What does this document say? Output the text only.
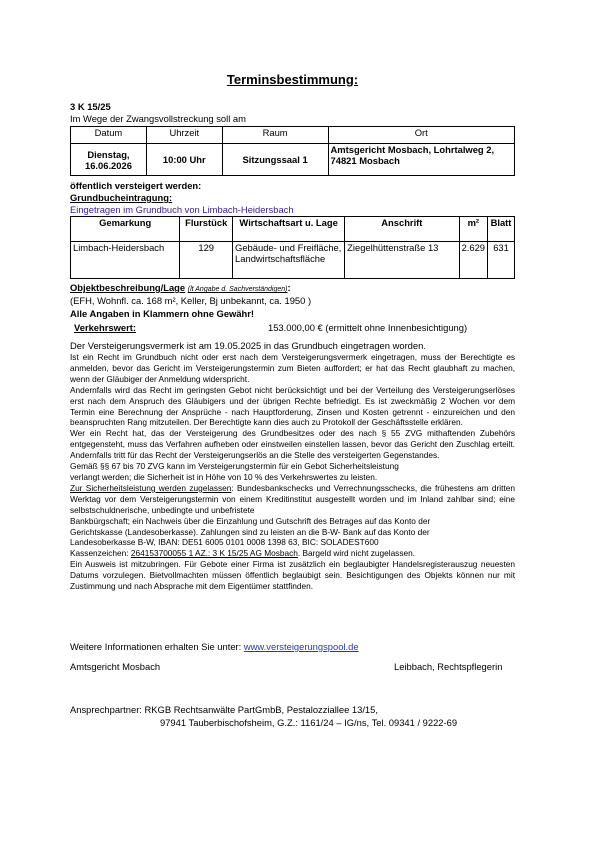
Terminsbestimmung:
3 K 15/25
Im Wege der Zwangsvollstreckung soll am
Datum	Uhrzeit	Raum	Ort
Dienstag, 16.06.2026	10:00 Uhr	Sitzungssaal 1	Amtsgericht Mosbach, Lohrtalweg 2, 74821 Mosbach
öffentlich versteigert werden:
Grundbucheintragung:
Eingetragen im Grundbuch von Limbach-Heidersbach
Gemarkung	Flurstück	Wirtschaftsart u. Lage	Anschrift	m²	Blatt
Limbach-Heidersbach	129	Gebäude- und Freifläche, Landwirtschaftsfläche	Ziegelhüttenstraße 13	2.629	631
Objektbeschreibung/Lage (lt Angabe d. Sachverständigen):
(EFH, Wohnfl. ca. 168 m², Keller, Bj unbekannt, ca. 1950 )
Alle Angaben in Klammern ohne Gewähr!
Verkehrswert:	153.000,00 € (ermittelt ohne Innenbesichtigung)
Der Versteigerungsvermerk ist am 19.05.2025 in das Grundbuch eingetragen worden.

Ist ein Recht im Grundbuch nicht oder erst nach dem Versteigerungsvermerk eingetragen, muss der Berechtigte es anmelden, bevor das Gericht im Versteigerungstermin zum Bieten auffordert; er hat das Recht glaubhaft zu machen, wenn der Gläubiger der Anmeldung widerspricht.

Andernfalls wird das Recht im geringsten Gebot nicht berücksichtigt und bei der Verteilung des Versteigerungserlöses erst nach dem Anspruch des Gläubigers und der übrigen Rechte befriedigt. Es ist zweckmäßig 2 Wochen vor dem Termin eine Berechnung der Ansprüche - nach Hauptforderung, Zinsen und Kosten getrennt - einzureichen und den beanspruchten Rang mitzuteilen. Der Berechtigte kann dies auch zu Protokoll der Geschäftsstelle erklären.

Wer ein Recht hat, das der Versteigerung des Grundbesitzes oder des nach § 55 ZVG mithaftenden Zubehörs entgegensteht, muss das Verfahren aufheben oder einstweilen einstellen lassen, bevor das Gericht den Zuschlag erteilt. Andernfalls tritt für das Recht der Versteigerungserlös an die Stelle des versteigerten Gegenstandes.

Gemäß §§ 67 bis 70 ZVG kann im Versteigerungstermin für ein Gebot Sicherheitsleistung

verlangt werden; die Sicherheit ist in Höhe von 10 % des Verkehrswertes zu leisten.

Zur Sicherheitsleistung werden zugelassen: Bundesbankschecks und Verrechnungsschecks, die frühestens am dritten Werktag vor dem Versteigerungstermin von einem Kreditinstitut ausgestellt worden und im Inland zahlbar sind; eine selbstschuldnerische, unbedingte und unbefristete

Bankbürgschaft; ein Nachweis über die Einzahlung und Gutschrift des Betrages auf das Konto der

Gerichtskasse (Landesoberkasse). Zahlungen sind zu leisten an die B-W- Bank auf das Konto der

Landesoberkasse B-W, IBAN: DE51 6005 0101 0008 1398 63, BIC: SOLADEST600

Kassenzeichen: 264153700055 1 AZ.: 3 K 15/25 AG Mosbach. Bargeld wird nicht zugelassen.

Ein Ausweis ist mitzubringen. Für Gebote einer Firma ist zusätzlich ein beglaubigter Handelsregisterauszug neuesten Datums vorzulegen. Bietvollmachten müssen öffentlich beglaubigt sein. Besichtigungen des Objekts können nur mit Zustimmung und nach Absprache mit dem Eigentümer stattfinden.

Weitere Informationen erhalten Sie unter: www.versteigerungspool.de
Amtsgericht Mosbach	Leibbach, Rechtspflegerin
Ansprechpartner: RKGB Rechtsanwälte PartGmbB, Pestalozziallee 13/15,
97941 Tauberbischofsheim, G.Z.: 1161/24 – IG/ns, Tel. 09341 / 9222-69
